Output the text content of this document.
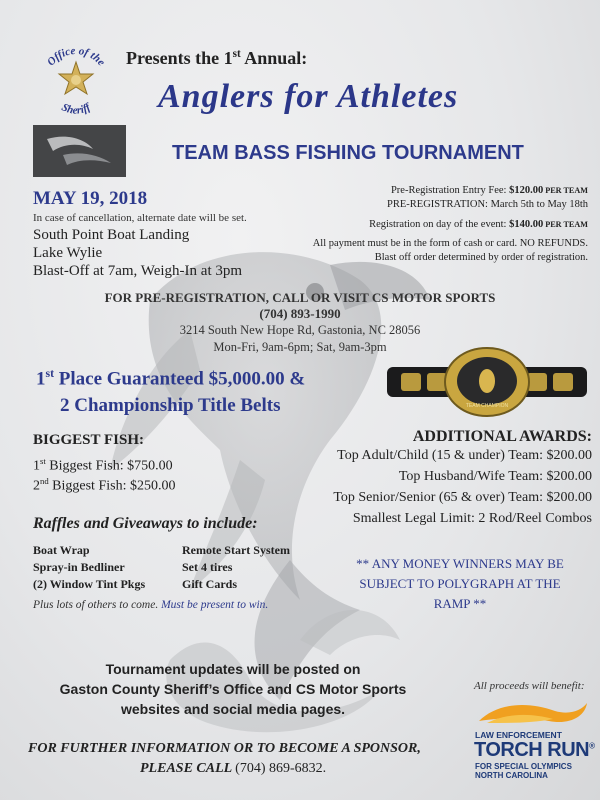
Office of the
Sheriff
Presents the 1st Annual:
Anglers for Athletes
TEAM BASS FISHING TOURNAMENT
MAY 19, 2018
In case of cancellation, alternate date will be set.
South Point Boat Landing
Lake Wylie
Blast-Off at 7am, Weigh-In at 3pm
Pre-Registration Entry Fee: $120.00 PER TEAM
PRE-REGISTRATION: March 5th to May 18th
Registration on day of the event: $140.00 PER TEAM
All payment must be in the form of cash or card. NO REFUNDS.
Blast off order determined by order of registration.
FOR PRE-REGISTRATION, CALL OR VISIT CS MOTOR SPORTS
(704) 893-1990
3214 South New Hope Rd, Gastonia, NC 28056
Mon-Fri, 9am-6pm; Sat, 9am-3pm
1st Place Guaranteed $5,000.00 &
2 Championship Title Belts	TEAM CHAMPION
BIGGEST FISH:
1st Biggest Fish: $750.00
2nd Biggest Fish: $250.00
ADDITIONAL AWARDS:
Top Adult/Child (15 & under) Team: $200.00
Top Husband/Wife Team: $200.00
Top Senior/Senior (65 & over) Team: $200.00
Smallest Legal Limit: 2 Rod/Reel Combos
Raffles and Giveaways to include:
Boat Wrap
Spray-in Bedliner
(2) Window Tint Pkgs
Remote Start System
Set 4 tires
Gift Cards
Plus lots of others to come. Must be present to win.
** ANY MONEY WINNERS MAY BE
SUBJECT TO POLYGRAPH AT THE
RAMP **
Tournament updates will be posted on
Gaston County Sheriff’s Office and CS Motor Sports
websites and social media pages.
FOR FURTHER INFORMATION OR TO BECOME A SPONSOR,
PLEASE CALL (704) 869-6832.
All proceeds will benefit:
LAW ENFORCEMENT
TORCH RUN®
FOR SPECIAL OLYMPICS
NORTH CAROLINA
